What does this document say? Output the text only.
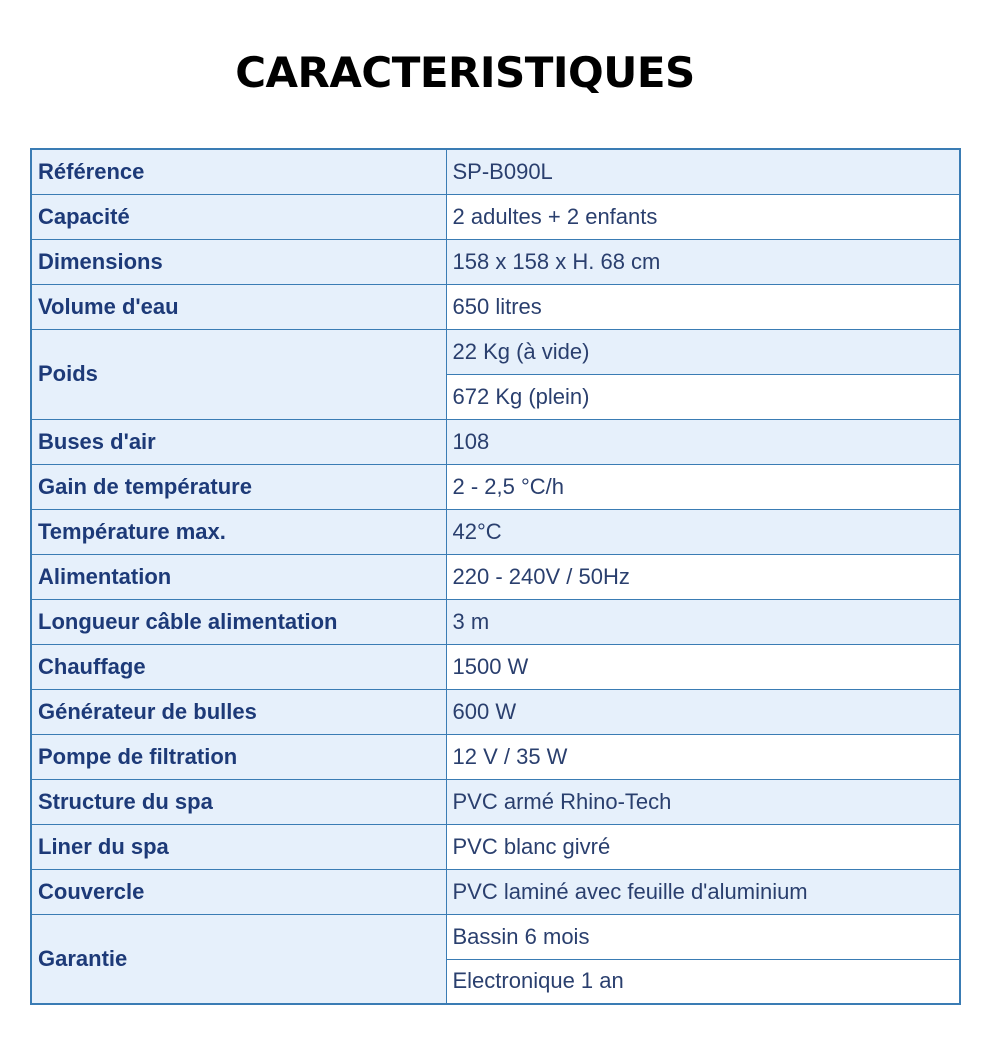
CARACTERISTIQUES
Référence	SP-B090L
Capacité	2 adultes + 2 enfants
Dimensions	158 x 158 x H. 68 cm
Volume d'eau	650 litres
Poids	22 Kg (à vide)
	672 Kg (plein)
Buses d'air	108
Gain de température	2 - 2,5 °C/h
Température max.	42°C
Alimentation	220 - 240V / 50Hz
Longueur câble alimentation	3 m
Chauffage	1500 W
Générateur de bulles	600 W
Pompe de filtration	12 V / 35 W
Structure du spa	PVC armé Rhino-Tech
Liner du spa	PVC blanc givré
Couvercle	PVC laminé avec feuille d'aluminium
Garantie	Bassin 6 mois
	Electronique 1 an
